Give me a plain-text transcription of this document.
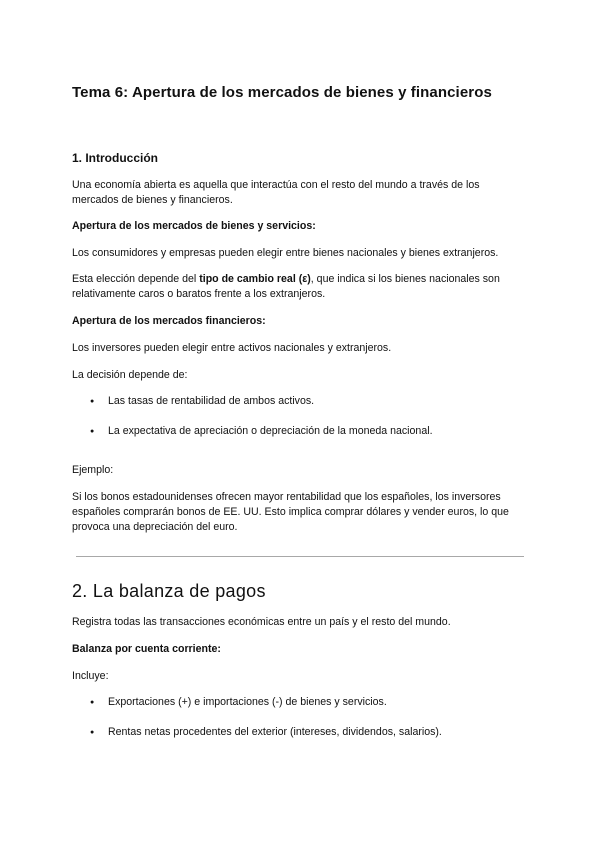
Tema 6: Apertura de los mercados de bienes y financieros
1. Introducción

Una economía abierta es aquella que interactúa con el resto del mundo a través de los mercados de bienes y financieros.

Apertura de los mercados de bienes y servicios:

Los consumidores y empresas pueden elegir entre bienes nacionales y bienes extranjeros.

Esta elección depende del tipo de cambio real (ε), que indica si los bienes nacionales son relativamente caros o baratos frente a los extranjeros.

Apertura de los mercados financieros:

Los inversores pueden elegir entre activos nacionales y extranjeros.

La decisión depende de:

● Las tasas de rentabilidad de ambos activos.
● La expectativa de apreciación o depreciación de la moneda nacional.

Ejemplo:

Si los bonos estadounidenses ofrecen mayor rentabilidad que los españoles, los inversores españoles comprarán bonos de EE. UU. Esto implica comprar dólares y vender euros, lo que provoca una depreciación del euro.

2. La balanza de pagos

Registra todas las transacciones económicas entre un país y el resto del mundo.

Balanza por cuenta corriente:

Incluye:

● Exportaciones (+) e importaciones (-) de bienes y servicios.
● Rentas netas procedentes del exterior (intereses, dividendos, salarios).
